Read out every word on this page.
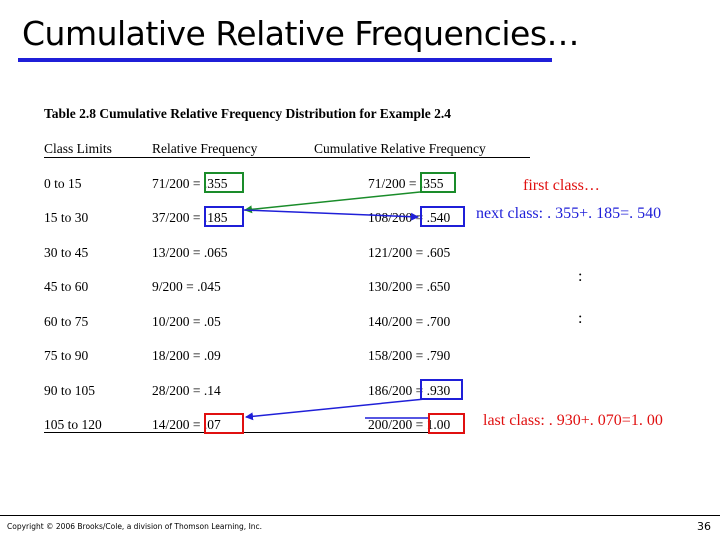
Cumulative Relative Frequencies…
Table 2.8 Cumulative Relative Frequency Distribution for Example 2.4
Class Limits	Relative Frequency	Cumulative Relative Frequency
0 to 15	71/200 = .355	71/200 = .355
15 to 30	37/200 = .185	108/200 = .540
30 to 45	13/200 = .065	121/200 = .605
45 to 60	9/200 = .045	130/200 = .650
60 to 75	10/200 = .05	140/200 = .700
75 to 90	18/200 = .09	158/200 = .790
90 to 105	28/200 = .14	186/200 = .930
105 to 120	14/200 = .07	200/200 = 1.00
first class…
next class: . 355+. 185=. 540
:
:
last class: . 930+. 070=1. 00
Copyright © 2006 Brooks/Cole, a division of Thomson Learning, Inc.	36
